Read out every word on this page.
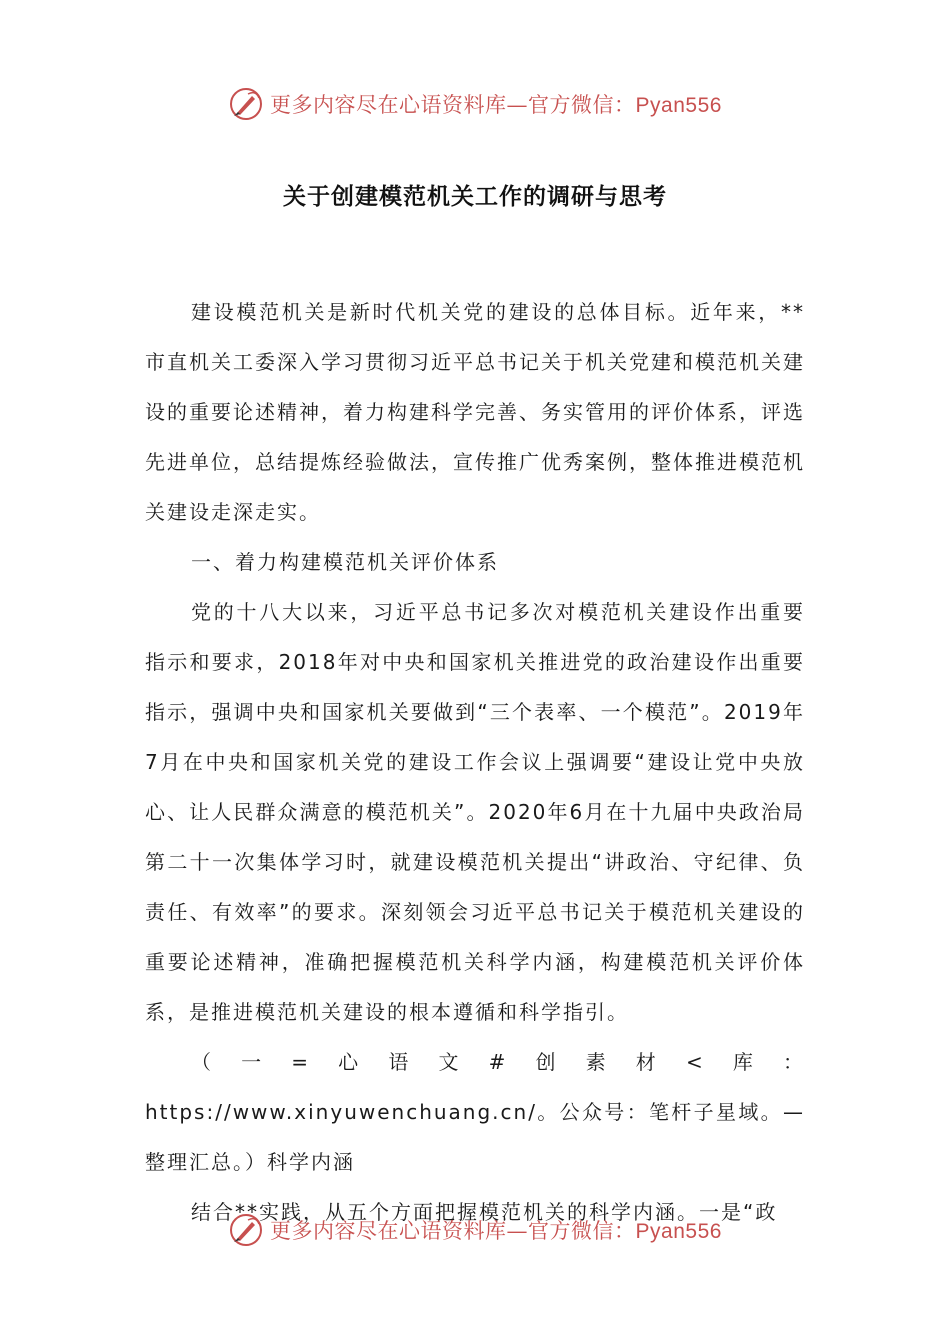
更多内容尽在心语资料库—官方微信：Pyan556
关于创建模范机关工作的调研与思考

建设模范机关是新时代机关党的建设的总体目标。近年来，**市直机关工委深入学习贯彻习近平总书记关于机关党建和模范机关建设的重要论述精神，着力构建科学完善、务实管用的评价体系，评选先进单位，总结提炼经验做法，宣传推广优秀案例，整体推进模范机关建设走深走实。

一、着力构建模范机关评价体系

党的十八大以来，习近平总书记多次对模范机关建设作出重要指示和要求，2018年对中央和国家机关推进党的政治建设作出重要指示，强调中央和国家机关要做到“三个表率、一个模范”。2019年7月在中央和国家机关党的建设工作会议上强调要“建设让党中央放心、让人民群众满意的模范机关”。2020年6月在十九届中央政治局第二十一次集体学习时，就建设模范机关提出“讲政治、守纪律、负责任、有效率”的要求。深刻领会习近平总书记关于模范机关建设的重要论述精神，准确把握模范机关科学内涵，构建模范机关评价体系，是推进模范机关建设的根本遵循和科学指引。

（一=心语文#创素材<库：https://www.xinyuwenchuang.cn/。公众号：笔杆子星域。—整理汇总。）科学内涵

结合**实践，从五个方面把握模范机关的科学内涵。一是“政

更多内容尽在心语资料库—官方微信：Pyan556
